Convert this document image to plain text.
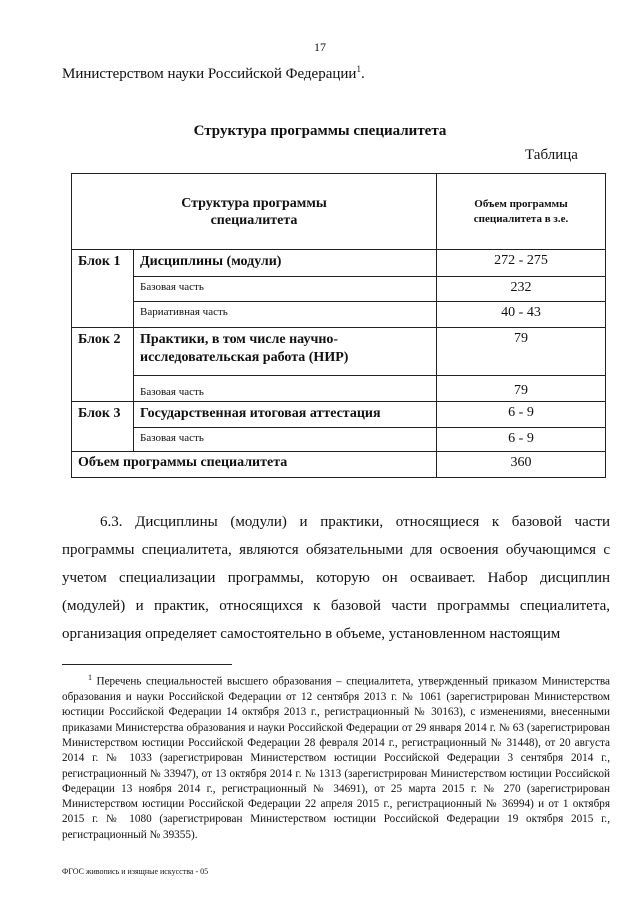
17
Министерством науки Российской Федерации$^1$.
Структура программы специалитета
Таблица
Структура программы специалитета		Объем программы специалитета в з.е.

Блок 1	Дисциплины (модули)	272 - 275
	Базовая часть	232
	Вариативная часть	40 - 43
Блок 2	Практики, в том числе научно-исследовательская работа (НИР)	79
	Базовая часть	79
Блок 3	Государственная итоговая аттестация	6 - 9
	Базовая часть	6 - 9
Объем программы специалитета		360

6.3. Дисциплины (модули) и практики, относящиеся к базовой части программы специалитета, являются обязательными для освоения обучающимся с учетом специализации программы, которую он осваивает. Набор дисциплин (модулей) и практик, относящихся к базовой части программы специалитета, организация определяет самостоятельно в объеме, установленном настоящим

$^1$ Перечень специальностей высшего образования – специалитета, утвержденный приказом Министерства образования и науки Российской Федерации от 12 сентября 2013 г. № 1061 (зарегистрирован Министерством юстиции Российской Федерации 14 октября 2013 г., регистрационный № 30163), с изменениями, внесенными приказами Министерства образования и науки Российской Федерации от 29 января 2014 г. № 63 (зарегистрирован Министерством юстиции Российской Федерации 28 февраля 2014 г., регистрационный № 31448), от 20 августа 2014 г. № 1033 (зарегистрирован Министерством юстиции Российской Федерации 3 сентября 2014 г., регистрационный № 33947), от 13 октября 2014 г. № 1313 (зарегистрирован Министерством юстиции Российской Федерации 13 ноября 2014 г., регистрационный № 34691), от 25 марта 2015 г. № 270 (зарегистрирован Министерством юстиции Российской Федерации 22 апреля 2015 г., регистрационный № 36994) и от 1 октября 2015 г. № 1080 (зарегистрирован Министерством юстиции Российской Федерации 19 октября 2015 г., регистрационный № 39355).
ФГОС живопись и изящные искусства - 05
